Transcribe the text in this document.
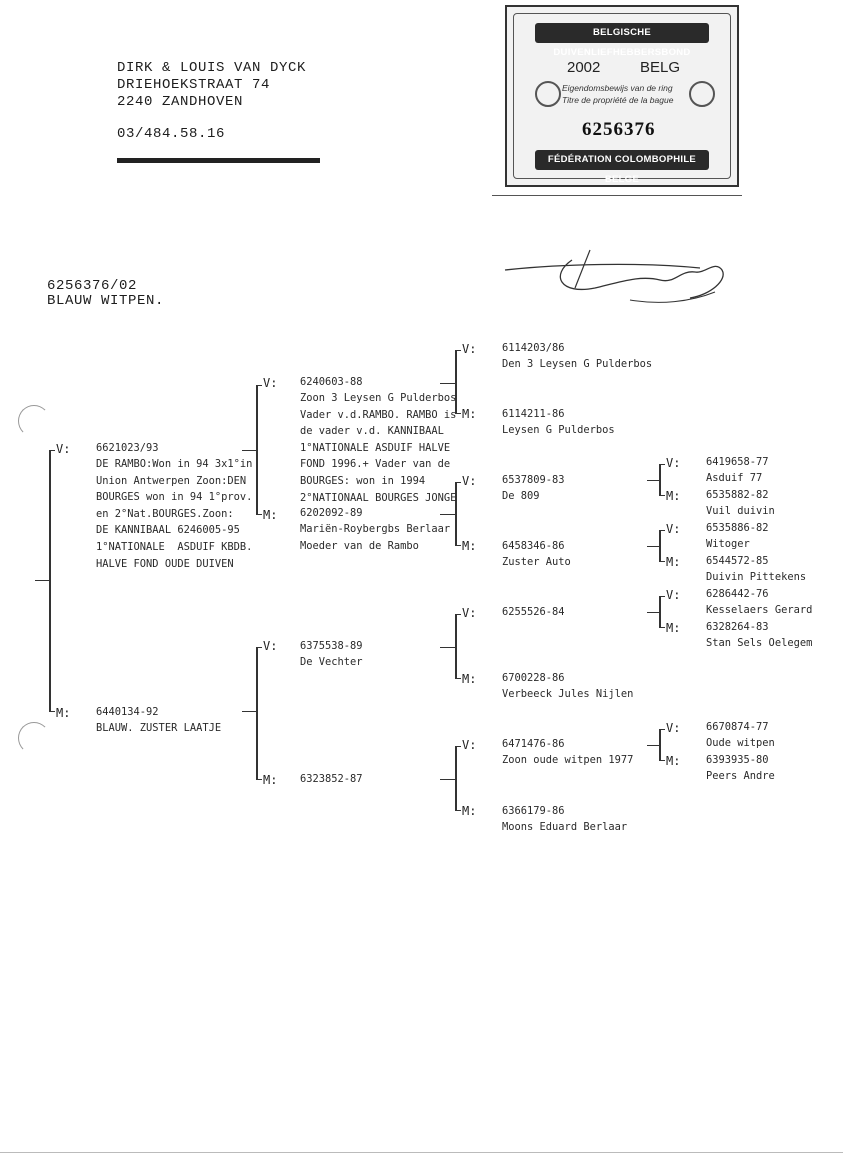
DIRK & LOUIS VAN DYCK
DRIEHOEKSTRAAT 74
2240 ZANDHOVEN
03/484.58.16
BELGISCHE DUIVENLIEFHEBBERSBOND
2002	BELG
Eigendomsbewijs van de ring
Titre de propriété de la bague
6256376
FÉDÉRATION COLOMBOPHILE BELGE
6256376/02
BLAUW WITPEN.
V:
M:
V:
M:
V:
M:
V:
M:
V:
M:
V:
M:
V:
M:
V:
M:
V:
M:
V:
M:
V:
M:
6621023/93
DE RAMBO:Won in 94 3x1°in
Union Antwerpen Zoon:DEN
BOURGES won in 94 1°prov.
en 2°Nat.BOURGES.Zoon:
DE KANNIBAAL 6246005-95
1°NATIONALE  ASDUIF KBDB.
HALVE FOND OUDE DUIVEN
6440134-92
BLAUW. ZUSTER LAATJE
6240603-88
Zoon 3 Leysen G Pulderbos
Vader v.d.RAMBO. RAMBO is
de vader v.d. KANNIBAAL
1°NATIONALE ASDUIF HALVE
FOND 1996.+ Vader van de
BOURGES: won in 1994
2°NATIONAAL BOURGES JONGE
6202092-89
Mariën-Roybergbs Berlaar
Moeder van de Rambo
6375538-89
De Vechter
6323852-87
6114203/86
Den 3 Leysen G Pulderbos
6114211-86
Leysen G Pulderbos
6537809-83
De 809
6458346-86
Zuster Auto
6255526-84
6700228-86
Verbeeck Jules Nijlen
6471476-86
Zoon oude witpen 1977
6366179-86
Moons Eduard Berlaar
6419658-77
Asduif 77
6535882-82
Vuil duivin
6535886-82
Witoger
6544572-85
Duivin Pittekens
6286442-76
Kesselaers Gerard
6328264-83
Stan Sels Oelegem
6670874-77
Oude witpen
6393935-80
Peers Andre
